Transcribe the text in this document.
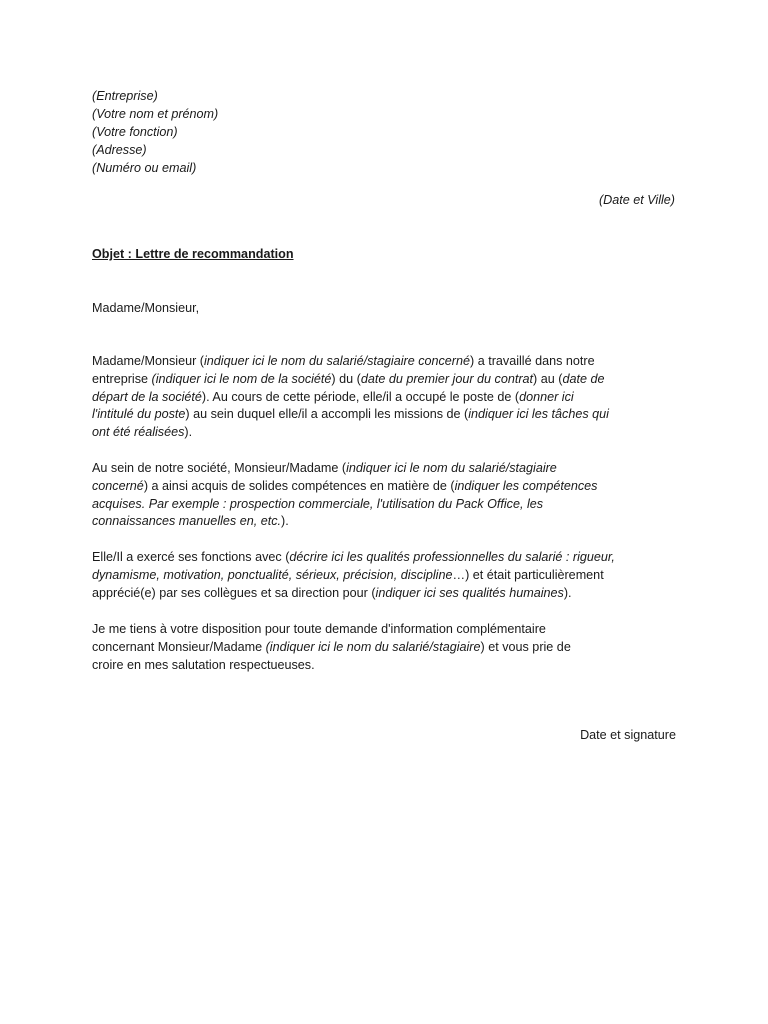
(Entreprise)
(Votre nom et prénom)
(Votre fonction)
(Adresse)
(Numéro ou email)
(Date et Ville)
Objet : Lettre de recommandation
Madame/Monsieur,
Madame/Monsieur (indiquer ici le nom du salarié/stagiaire concerné) a travaillé dans notre
entreprise (indiquer ici le nom de la société) du (date du premier jour du contrat) au (date de
départ de la société). Au cours de cette période, elle/il a occupé le poste de (donner ici
l'intitulé du poste) au sein duquel elle/il a accompli les missions de (indiquer ici les tâches qui
ont été réalisées).
Au sein de notre société, Monsieur/Madame (indiquer ici le nom du salarié/stagiaire
concerné) a ainsi acquis de solides compétences en matière de (indiquer les compétences
acquises. Par exemple : prospection commerciale, l'utilisation du Pack Office, les
connaissances manuelles en, etc.).
Elle/Il a exercé ses fonctions avec (décrire ici les qualités professionnelles du salarié : rigueur,
dynamisme, motivation, ponctualité, sérieux, précision, discipline…) et était particulièrement
apprécié(e) par ses collègues et sa direction pour (indiquer ici ses qualités humaines).
Je me tiens à votre disposition pour toute demande d'information complémentaire
concernant Monsieur/Madame (indiquer ici le nom du salarié/stagiaire) et vous prie de
croire en mes salutation respectueuses.
Date et signature
